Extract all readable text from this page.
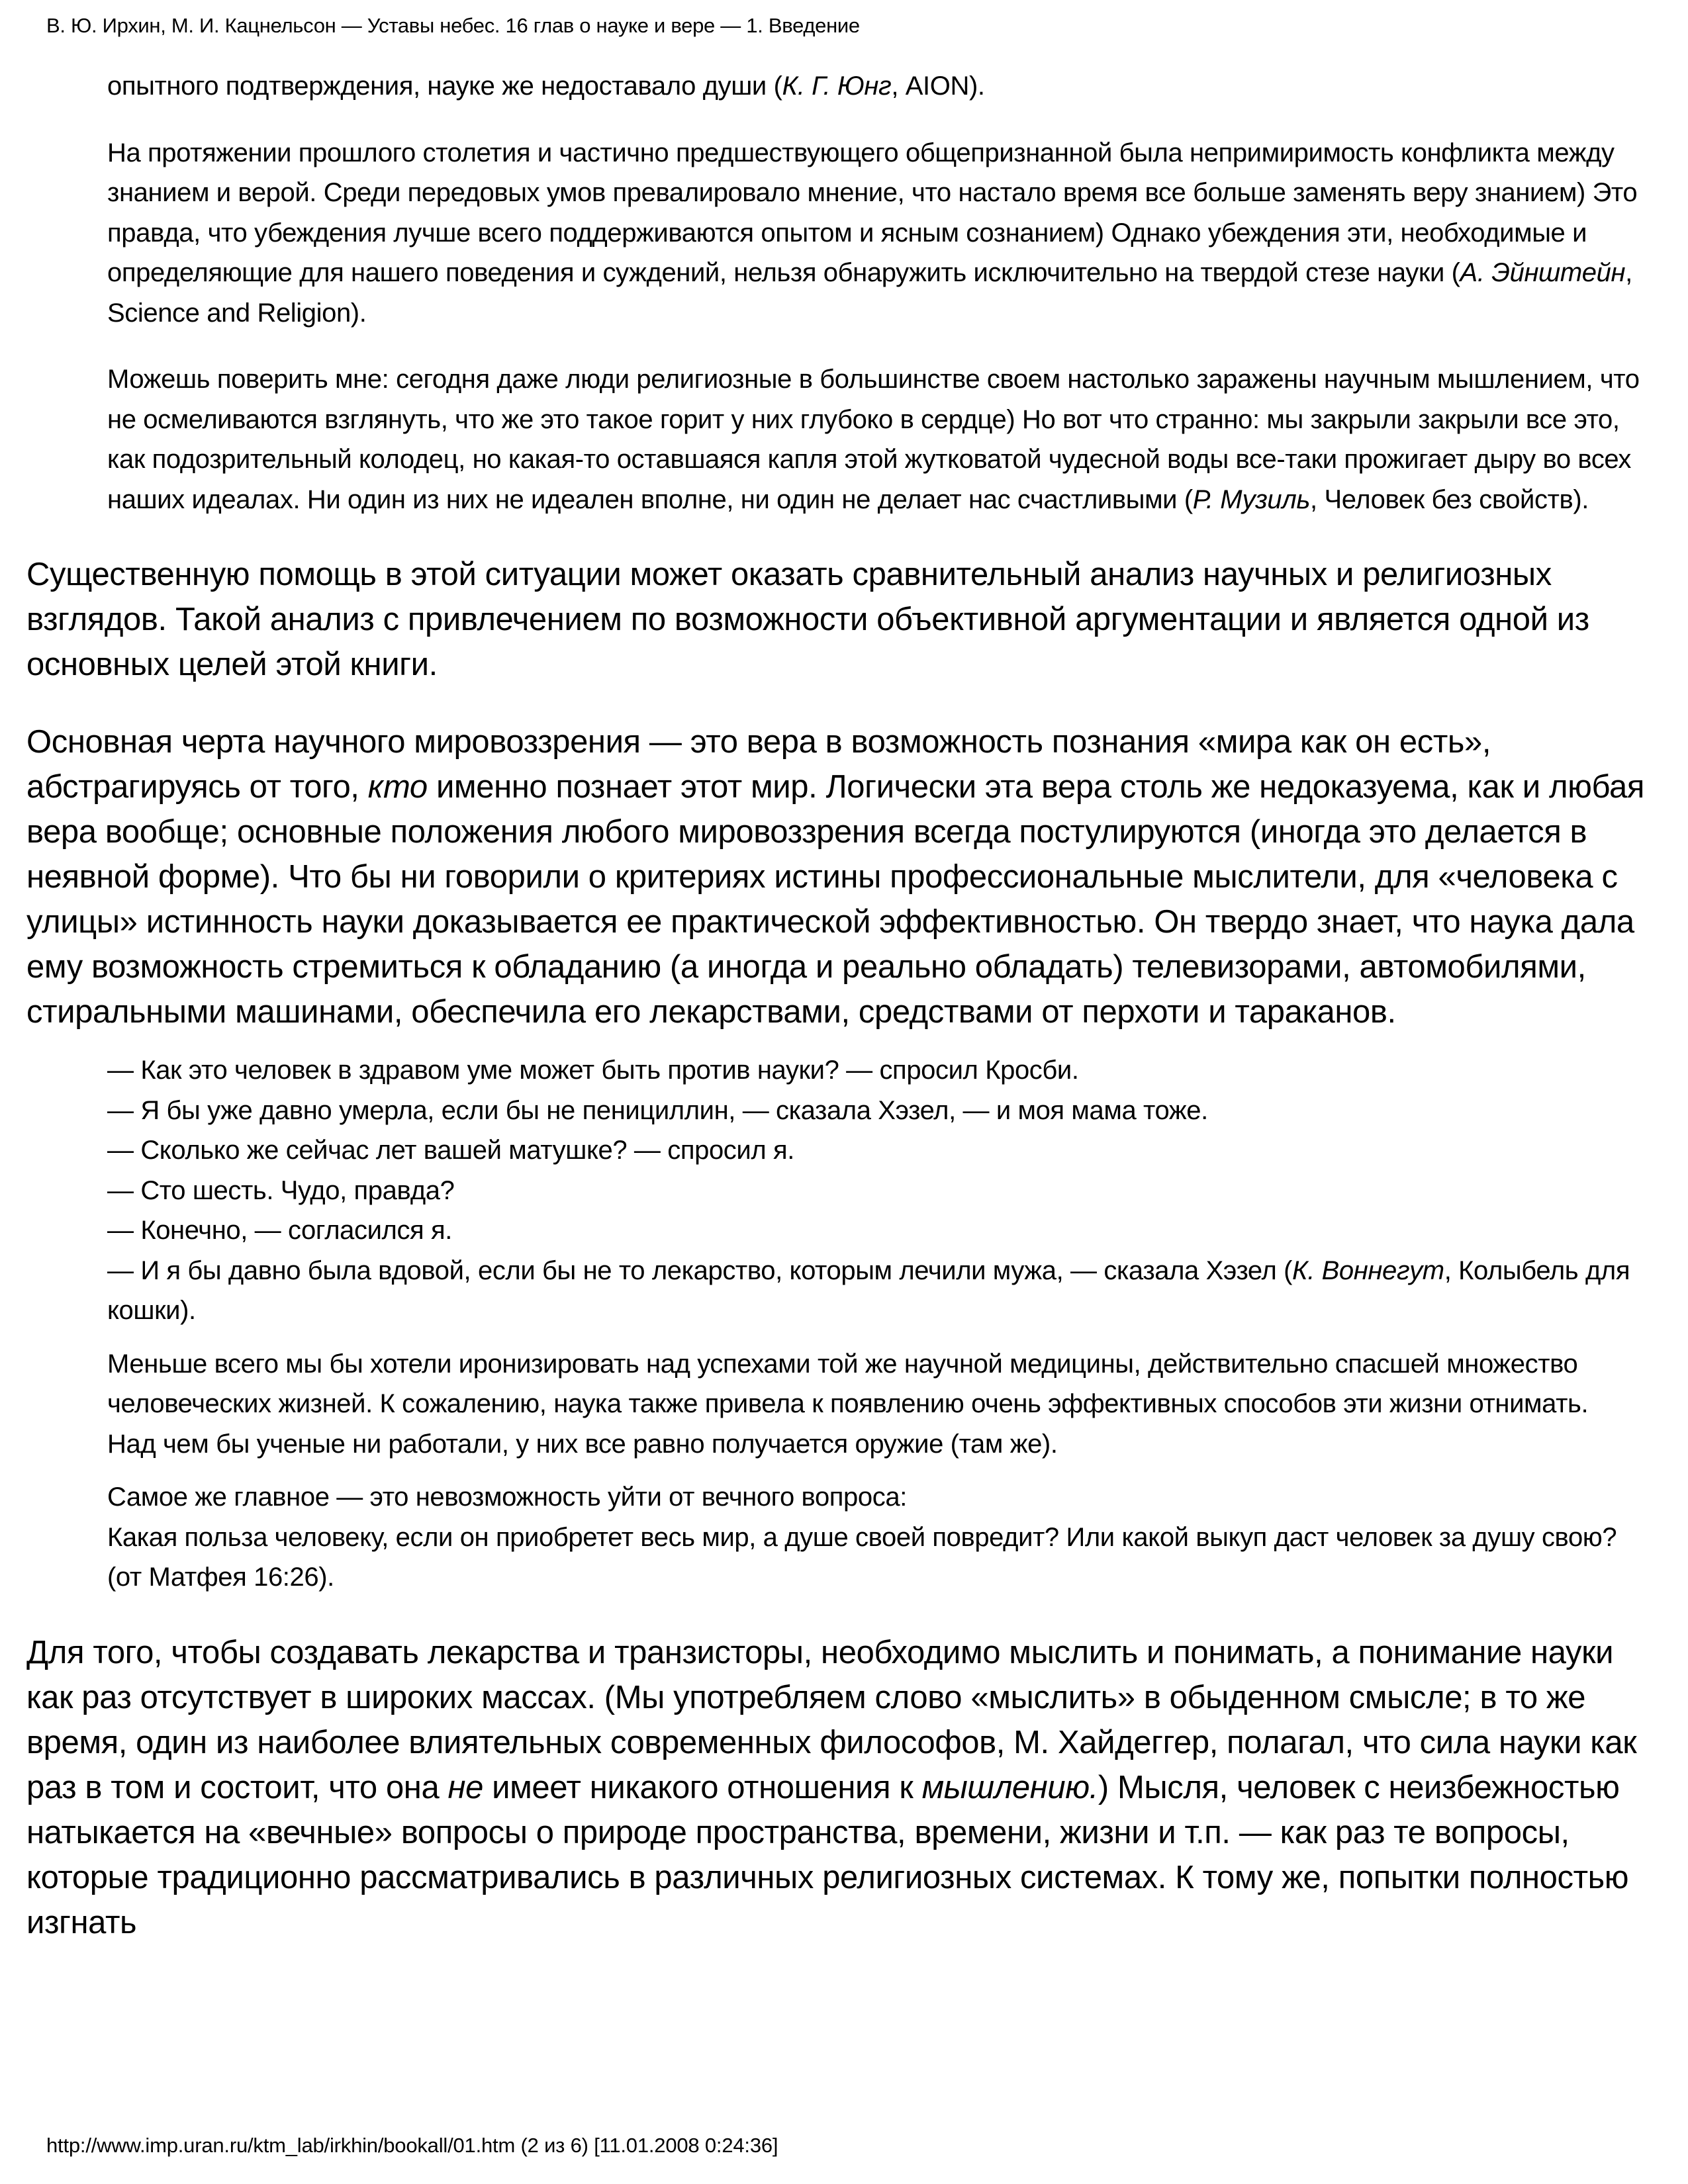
В. Ю. Ирхин, М. И. Кацнельсон — Уставы небес. 16 глав о науке и вере — 1. Введение

опытного подтверждения, науке же недоставало души (К. Г. Юнг, AION).

На протяжении прошлого столетия и частично предшествующего общепризнанной была непримиримость конфликта между знанием и верой. Среди передовых умов превалировало мнение, что настало время все больше заменять веру знанием) Это правда, что убеждения лучше всего поддерживаются опытом и ясным сознанием) Однако убеждения эти, необходимые и определяющие для нашего поведения и суждений, нельзя обнаружить исключительно на твердой стезе науки (А. Эйнштейн, Science and Religion).

Можешь поверить мне: сегодня даже люди религиозные в большинстве своем настолько заражены научным мышлением, что не осмеливаются взглянуть, что же это такое горит у них глубоко в сердце) Но вот что странно: мы закрыли закрыли все это, как подозрительный колодец, но какая-то оставшаяся капля этой жутковатой чудесной воды все-таки прожигает дыру во всех наших идеалах. Ни один из них не идеален вполне, ни один не делает нас счастливыми (Р. Музиль, Человек без свойств).

Существенную помощь в этой ситуации может оказать сравнительный анализ научных и религиозных взглядов. Такой анализ с привлечением по возможности объективной аргументации и является одной из основных целей этой книги.

Основная черта научного мировоззрения — это вера в возможность познания «мира как он есть», абстрагируясь от того, кто именно познает этот мир. Логически эта вера столь же недоказуема, как и любая вера вообще; основные положения любого мировоззрения всегда постулируются (иногда это делается в неявной форме). Что бы ни говорили о критериях истины профессиональные мыслители, для «человека с улицы» истинность науки доказывается ее практической эффективностью. Он твердо знает, что наука дала ему возможность стремиться к обладанию (а иногда и реально обладать) телевизорами, автомобилями, стиральными машинами, обеспечила его лекарствами, средствами от перхоти и тараканов.

— Как это человек в здравом уме может быть против науки? — спросил Кросби.
— Я бы уже давно умерла, если бы не пенициллин, — сказала Хэзел, — и моя мама тоже.
— Сколько же сейчас лет вашей матушке? — спросил я.
— Сто шесть. Чудо, правда?
— Конечно, — согласился я.
— И я бы давно была вдовой, если бы не то лекарство, которым лечили мужа, — сказала Хэзел (К. Воннегут, Колыбель для кошки).
Меньше всего мы бы хотели иронизировать над успехами той же научной медицины, действительно спасшей множество человеческих жизней. К сожалению, наука также привела к появлению очень эффективных способов эти жизни отнимать.
Над чем бы ученые ни работали, у них все равно получается оружие (там же).
Самое же главное — это невозможность уйти от вечного вопроса:
Какая польза человеку, если он приобретет весь мир, а душе своей повредит? Или какой выкуп даст человек за душу свою? (от Матфея 16:26).

Для того, чтобы создавать лекарства и транзисторы, необходимо мыслить и понимать, а понимание науки как раз отсутствует в широких массах. (Мы употребляем слово «мыслить» в обыденном смысле; в то же время, один из наиболее влиятельных современных философов, М. Хайдеггер, полагал, что сила науки как раз в том и состоит, что она не имеет никакого отношения к мышлению.) Мысля, человек с неизбежностью натыкается на «вечные» вопросы о природе пространства, времени, жизни и т.п. — как раз те вопросы, которые традиционно рассматривались в различных религиозных системах. К тому же, попытки полностью изгнать

http://www.imp.uran.ru/ktm_lab/irkhin/bookall/01.htm (2 из 6) [11.01.2008 0:24:36]
